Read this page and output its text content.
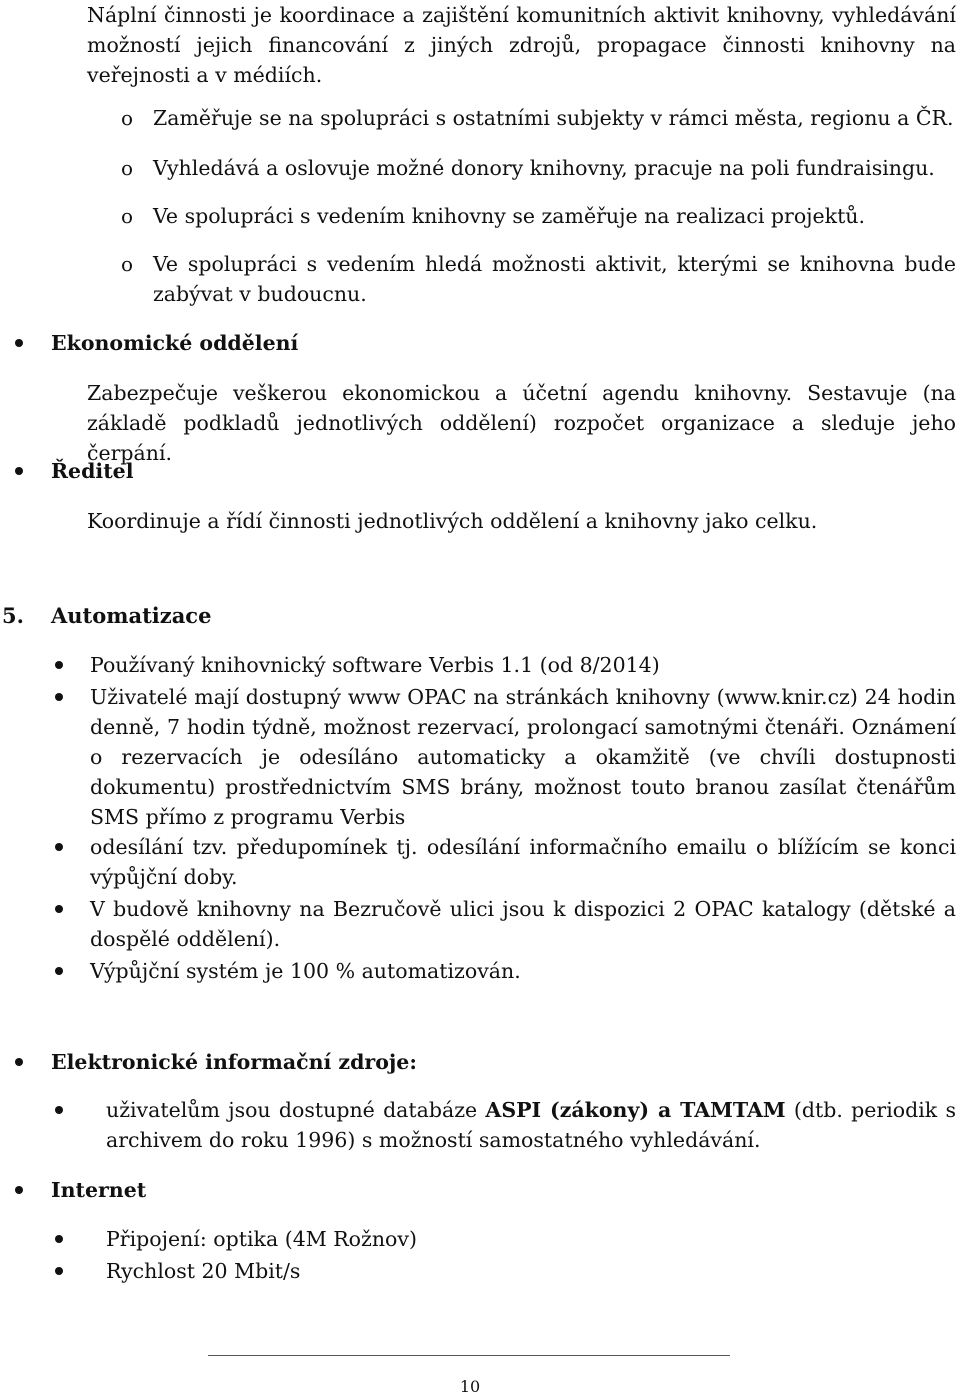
Náplní činnosti je koordinace a zajištění komunitních aktivit knihovny, vyhledávání možností jejich financování z jiných zdrojů, propagace činnosti knihovny na veřejnosti a v médiích.

o Zaměřuje se na spolupráci s ostatními subjekty v rámci města, regionu a ČR.

o Vyhledává a oslovuje možné donory knihovny, pracuje na poli fundraisingu.

o Ve spolupráci s vedením knihovny se zaměřuje na realizaci projektů.

o Ve spolupráci s vedením hledá možnosti aktivit, kterými se knihovna bude zabývat v budoucnu.

Ekonomické oddělení

Zabezpečuje veškerou ekonomickou a účetní agendu knihovny. Sestavuje (na základě podkladů jednotlivých oddělení) rozpočet organizace a sleduje jeho čerpání.

Ředitel

Koordinuje a řídí činnosti jednotlivých oddělení a knihovny jako celku.

5. Automatizace

Používaný knihovnický software Verbis 1.1 (od 8/2014)

Uživatelé mají dostupný www OPAC na stránkách knihovny (www.knir.cz) 24 hodin denně, 7 hodin týdně, možnost rezervací, prolongací samotnými čtenáři. Oznámení o rezervacích je odesíláno automaticky a okamžitě (ve chvíli dostupnosti dokumentu) prostřednictvím SMS brány, možnost touto branou zasílat čtenářům SMS přímo z programu Verbis

odesílání tzv. předupomínek tj. odesílání informačního emailu o blížícím se konci výpůjční doby.

V budově knihovny na Bezručově ulici jsou k dispozici 2 OPAC katalogy (dětské a dospělé oddělení).

Výpůjční systém je 100 % automatizován.

Elektronické informační zdroje:

uživatelům jsou dostupné databáze ASPI (zákony) a TAMTAM (dtb. periodik s archivem do roku 1996) s možností samostatného vyhledávání.

Internet

Připojení: optika (4M Rožnov)

Rychlost 20 Mbit/s

10
